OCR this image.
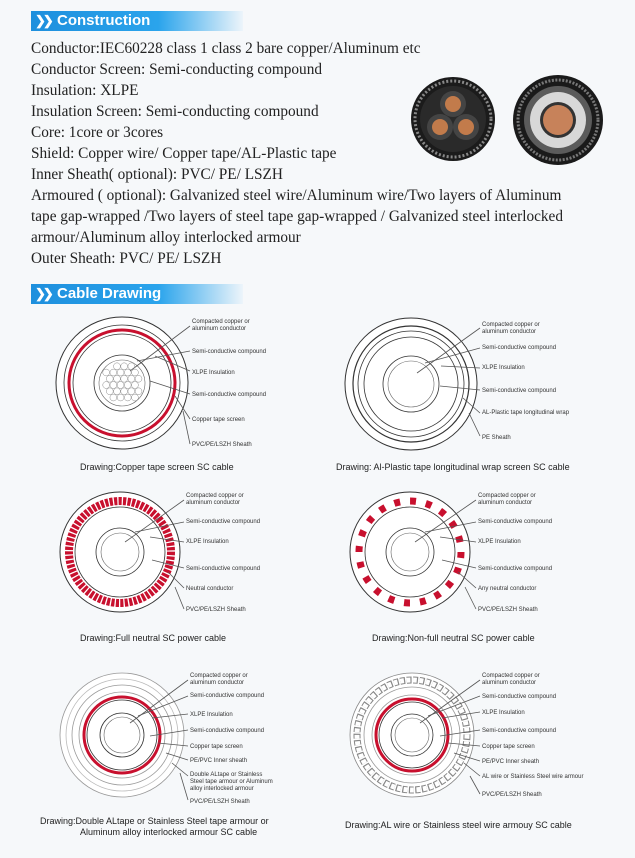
❯❯ Construction
❯❯ Cable Drawing
Conductor:IEC60228 class 1 class 2 bare copper/Aluminum etc
Conductor Screen: Semi-conducting compound
Insulation: XLPE
Insulation Screen: Semi-conducting compound
Core: 1core or 3cores
Shield: Copper wire/ Copper tape/AL-Plastic tape
Inner Sheath( optional): PVC/ PE/ LSZH
Armoured ( optional): Galvanized steel wire/Aluminum wire/Two layers of Aluminum
tape gap-wrapped /Two layers of steel tape gap-wrapped / Galvanized steel interlocked
armour/Aluminum alloy interlocked armour
Outer Sheath: PVC/ PE/ LSZH
Compacted copper or
aluminum conductor
Semi-conductive compound
XLPE Insulation
Semi-conductive compound
Copper tape screen
PVC/PE/LSZH Sheath
Drawing:Copper tape screen SC cable
Compacted copper or
aluminum conductor
Semi-conductive compound
XLPE Insulation
Semi-conductive compound
AL-Plastic tape longitudinal wrap
PE Sheath
Drawing: Al-Plastic tape longitudinal wrap screen SC cable
Compacted copper or
aluminum conductor
Semi-conductive compound
XLPE Insulation
Semi-conductive compound
Neutral conductor
PVC/PE/LSZH Sheath
Drawing:Full neutral SC power cable
Compacted copper or
aluminum conductor
Semi-conductive compound
XLPE Insulation
Semi-conductive compound
Any neutral conductor
PVC/PE/LSZH Sheath
Drawing:Non-full neutral SC power cable
Compacted copper or
aluminum conductor
Semi-conductive compound
XLPE Insulation
Semi-conductive compound
Copper tape screen
PE/PVC Inner sheath
Double ALtape or Stainless
Steel tape armour or Aluminum
alloy interlocked armour
PVC/PE/LSZH Sheath
Drawing:Double ALtape or Stainless Steel tape armour or
Aluminum alloy interlocked armour SC cable
Compacted copper or
aluminum conductor
Semi-conductive compound
XLPE Insulation
Semi-conductive compound
Copper tape screen
PE/PVC Inner sheath
AL wire or Stainless Steel wire armour
PVC/PE/LSZH Sheath
Drawing:AL wire or Stainless steel wire armouy SC cable
